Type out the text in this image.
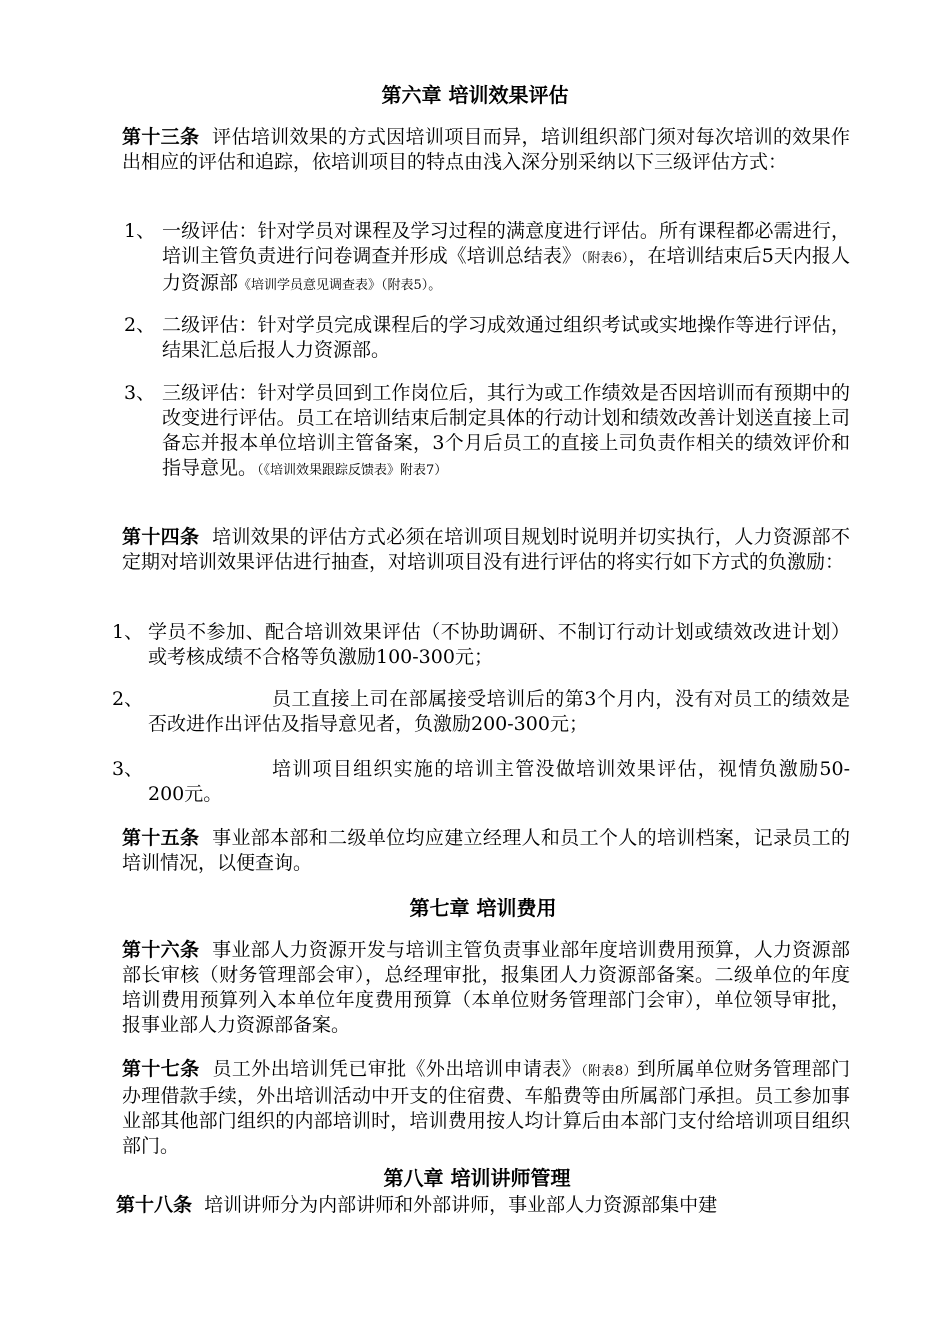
第六章 培训效果评估
第十三条 评估培训效果的方式因培训项目而异，培训组织部门须对每次培训的效果作出相应的评估和追踪，依培训项目的特点由浅入深分别采纳以下三级评估方式：
1、 一级评估：针对学员对课程及学习过程的满意度进行评估。所有课程都必需进行，培训主管负责进行问卷调查并形成《培训总结表》（附表6），在培训结束后5天内报人力资源部《培训学员意见调查表》（附表5）。
2、 二级评估：针对学员完成课程后的学习成效通过组织考试或实地操作等进行评估，结果汇总后报人力资源部。
3、 三级评估：针对学员回到工作岗位后，其行为或工作绩效是否因培训而有预期中的改变进行评估。员工在培训结束后制定具体的行动计划和绩效改善计划送直接上司备忘并报本单位培训主管备案，3个月后员工的直接上司负责作相关的绩效评价和指导意见。（《培训效果跟踪反馈表》附表7）
第十四条 培训效果的评估方式必须在培训项目规划时说明并切实执行，人力资源部不定期对培训效果评估进行抽查，对培训项目没有进行评估的将实行如下方式的负激励：
1、 学员不参加、配合培训效果评估（不协助调研、不制订行动计划或绩效改进计划）或考核成绩不合格等负激励100-300元；
2、	员工直接上司在部属接受培训后的第3个月内，没有对员工的绩效是否改进作出评估及指导意见者，负激励200-300元；
3、	培训项目组织实施的培训主管没做培训效果评估，视情负激励50-200元。
第十五条 事业部本部和二级单位均应建立经理人和员工个人的培训档案，记录员工的培训情况，以便查询。
第七章 培训费用
第十六条 事业部人力资源开发与培训主管负责事业部年度培训费用预算，人力资源部部长审核（财务管理部会审），总经理审批，报集团人力资源部备案。二级单位的年度培训费用预算列入本单位年度费用预算（本单位财务管理部门会审），单位领导审批，报事业部人力资源部备案。
第十七条 员工外出培训凭已审批《外出培训申请表》（附表8）到所属单位财务管理部门办理借款手续，外出培训活动中开支的住宿费、车船费等由所属部门承担。员工参加事业部其他部门组织的内部培训时，培训费用按人均计算后由本部门支付给培训项目组织部门。
第八章 培训讲师管理
第十八条 培训讲师分为内部讲师和外部讲师，事业部人力资源部集中建
